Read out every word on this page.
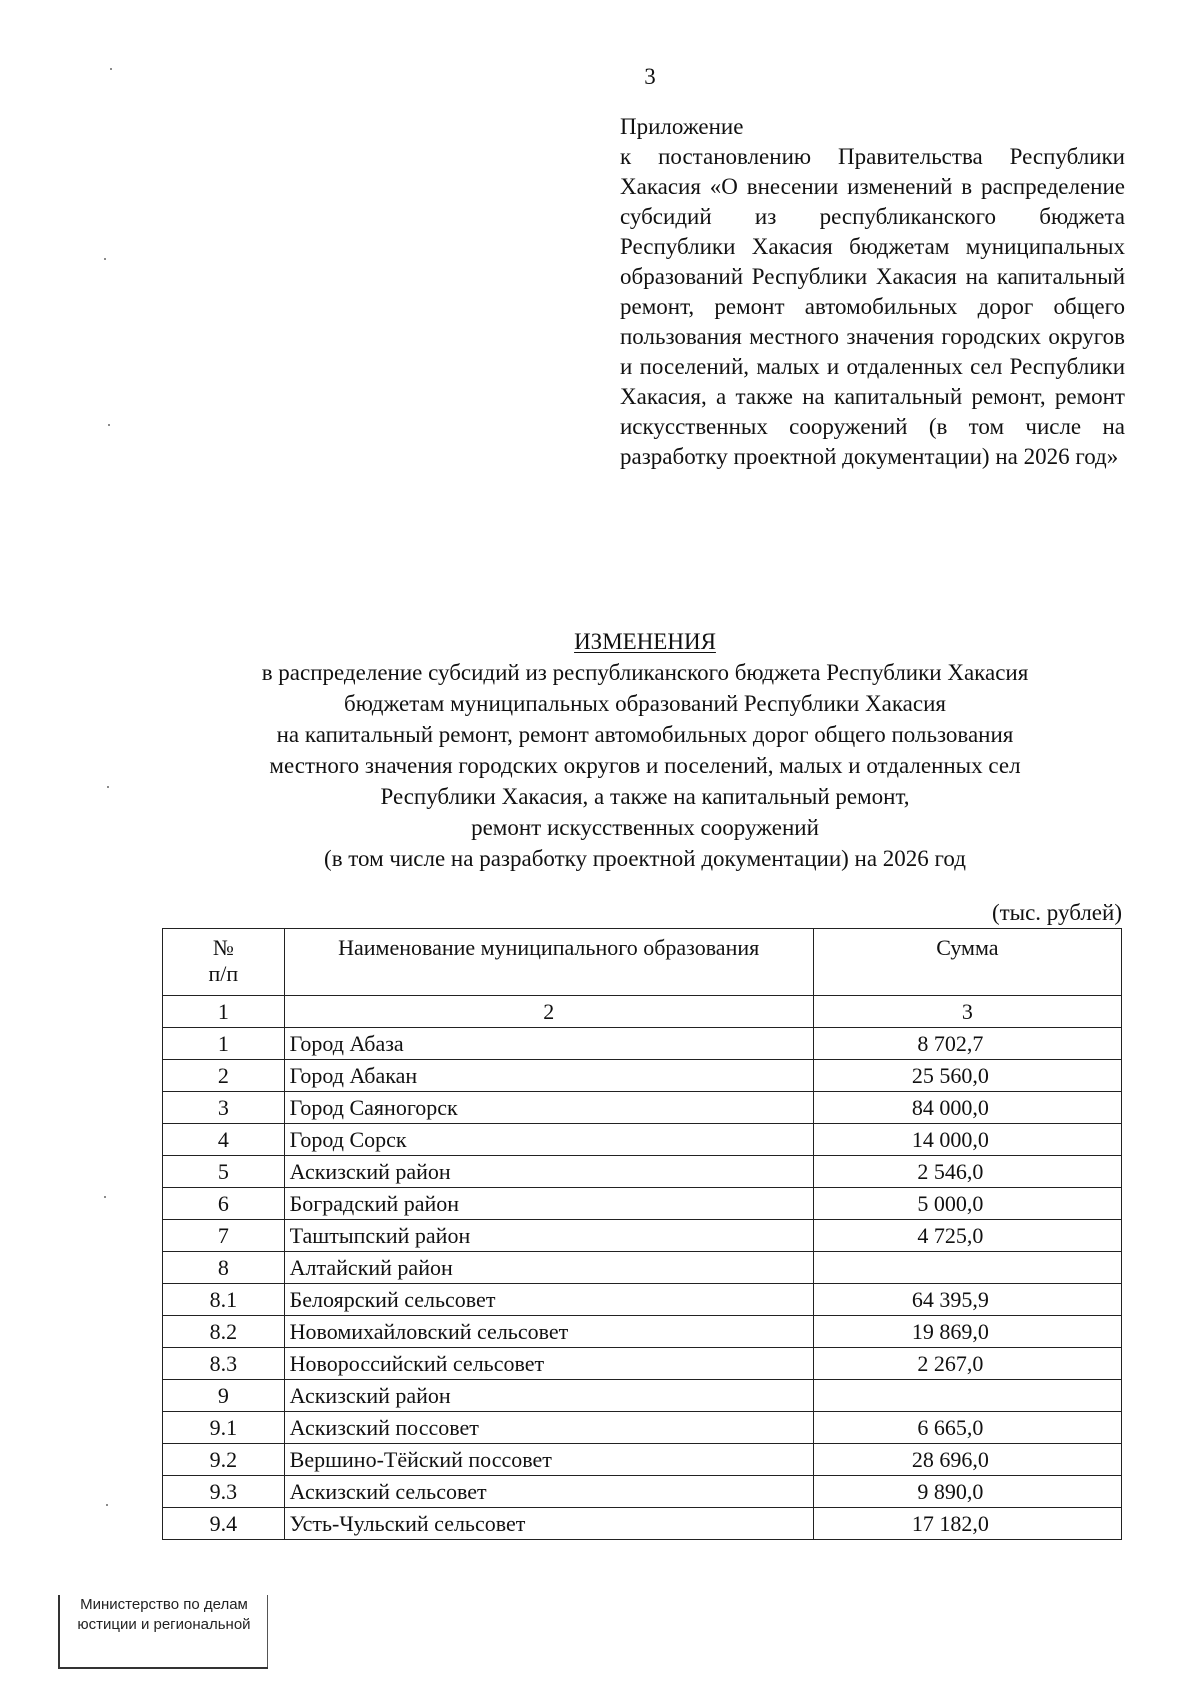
3
Приложение
к постановлению Правительства Республики Хакасия «О внесении изменений в распределение субсидий из республиканского бюджета Республики Хакасия бюджетам муниципальных образований Республики Хакасия на капитальный ремонт, ремонт автомобильных дорог общего пользования местного значения городских округов и поселений, малых и отдаленных сел Республики Хакасия, а также на капитальный ремонт, ремонт искусственных сооружений (в том числе на разработку проектной документации) на 2026 год»
ИЗМЕНЕНИЯ
в распределение субсидий из республиканского бюджета Республики Хакасия
бюджетам муниципальных образований Республики Хакасия
на капитальный ремонт, ремонт автомобильных дорог общего пользования
местного значения городских округов и поселений, малых и отдаленных сел
Республики Хакасия, а также на капитальный ремонт,
ремонт искусственных сооружений
(в том числе на разработку проектной документации) на 2026 год
(тыс. рублей)
№
п/п	Наименование муниципального образования	Сумма
1	2	3
1	Город Абаза	8 702,7
2	Город Абакан	25 560,0
3	Город Саяногорск	84 000,0
4	Город Сорск	14 000,0
5	Аскизский район	2 546,0
6	Боградский район	5 000,0
7	Таштыпский район	4 725,0
8	Алтайский район	
8.1	Белоярский сельсовет	64 395,9
8.2	Новомихайловский сельсовет	19 869,0
8.3	Новороссийский сельсовет	2 267,0
9	Аскизский район	
9.1	Аскизский поссовет	6 665,0
9.2	Вершино-Тёйский поссовет	28 696,0
9.3	Аскизский сельсовет	9 890,0
9.4	Усть-Чульский сельсовет	17 182,0
Министерство по делам
юстиции и региональной
